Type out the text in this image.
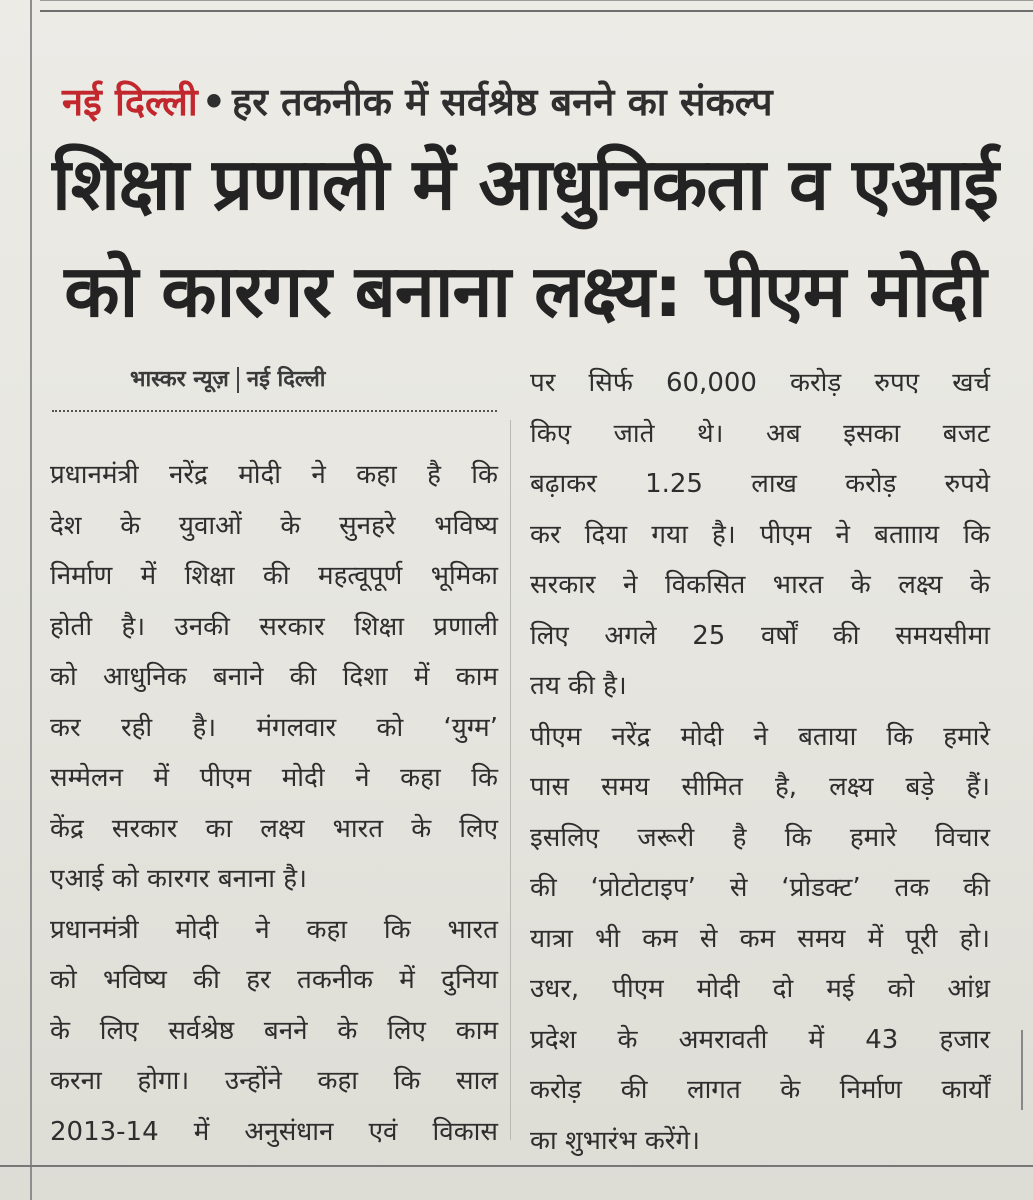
नई दिल्ली • हर तकनीक में सर्वश्रेष्ठ बनने का संकल्प
शिक्षा प्रणाली में आधुनिकता व एआई
को कारगर बनाना लक्ष्य: पीएम मोदी
भास्कर न्यूज़ नई दिल्ली
प्रधानमंत्री नरेंद्र मोदी ने कहा है कि
देश के युवाओं के सुनहरे भविष्य
निर्माण में शिक्षा की महत्वूपूर्ण भूमिका
होती है। उनकी सरकार शिक्षा प्रणाली
को आधुनिक बनाने की दिशा में काम
कर रही है। मंगलवार को ‘युग्म’
सम्मेलन में पीएम मोदी ने कहा कि
केंद्र सरकार का लक्ष्य भारत के लिए
एआई को कारगर बनाना है।
प्रधानमंत्री मोदी ने कहा कि भारत
को भविष्य की हर तकनीक में दुनिया
के लिए सर्वश्रेष्ठ बनने के लिए काम
करना होगा। उन्होंने कहा कि साल
2013-14 में अनुसंधान एवं विकास
पर सिर्फ 60,000 करोड़ रुपए खर्च
किए जाते थे। अब इसका बजट
बढ़ाकर 1.25 लाख करोड़ रुपये
कर दिया गया है। पीएम ने बताााय कि
सरकार ने विकसित भारत के लक्ष्य के
लिए अगले 25 वर्षों की समयसीमा
तय की है।
पीएम नरेंद्र मोदी ने बताया कि हमारे
पास समय सीमित है, लक्ष्य बड़े हैं।
इसलिए जरूरी है कि हमारे विचार
की ‘प्रोटोटाइप’ से ‘प्रोडक्ट’ तक की
यात्रा भी कम से कम समय में पूरी हो।
उधर, पीएम मोदी दो मई को आंध्र
प्रदेश के अमरावती में 43 हजार
करोड़ की लागत के निर्माण कार्यों
का शुभारंभ करेंगे।
